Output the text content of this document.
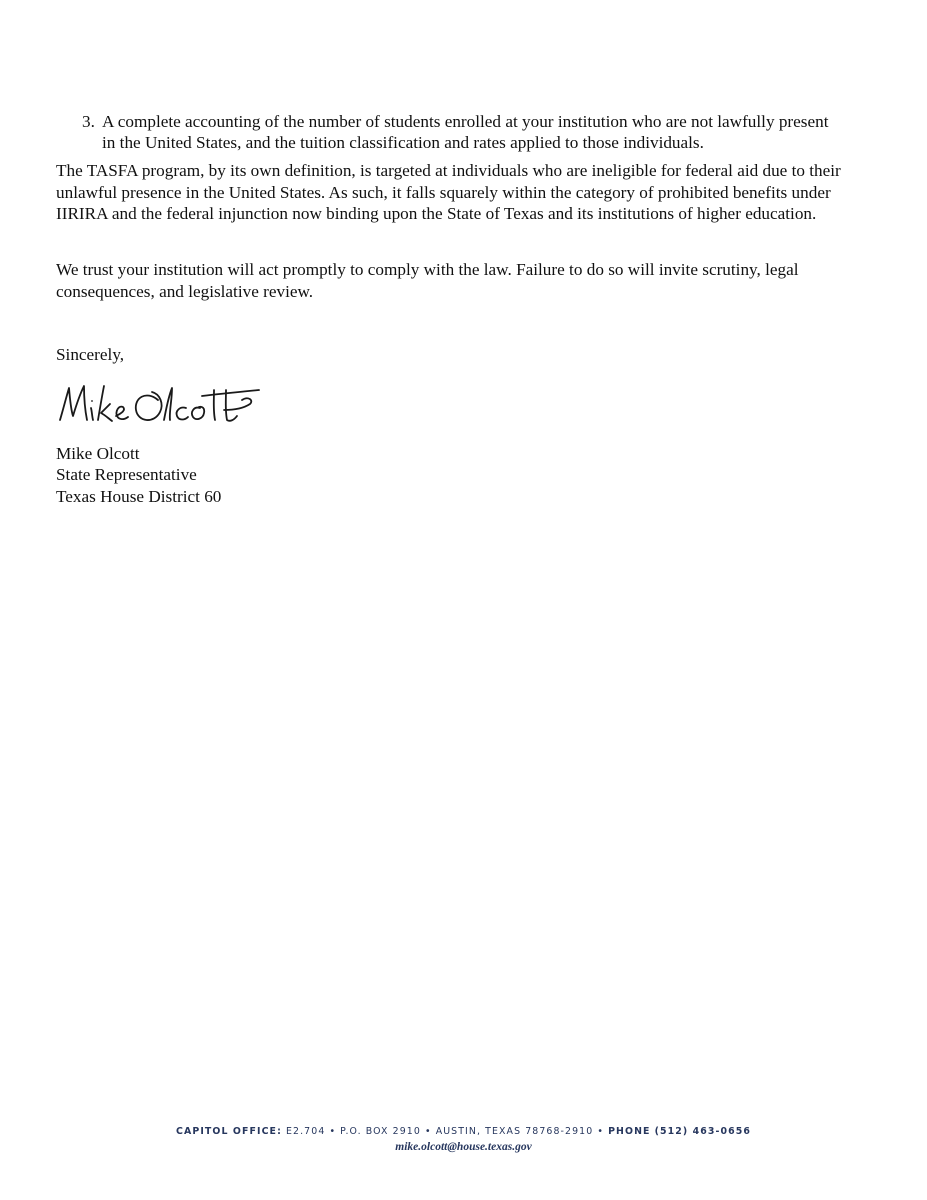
3. A complete accounting of the number of students enrolled at your institution who are not lawfully present in the United States, and the tuition classification and rates applied to those individuals.

The TASFA program, by its own definition, is targeted at individuals who are ineligible for federal aid due to their unlawful presence in the United States. As such, it falls squarely within the category of prohibited benefits under IIRIRA and the federal injunction now binding upon the State of Texas and its institutions of higher education.

We trust your institution will act promptly to comply with the law. Failure to do so will invite scrutiny, legal consequences, and legislative review.

Sincerely,
Mike Olcott
State Representative
Texas House District 60
CAPITOL OFFICE: E2.704 • P.O. BOX 2910 • AUSTIN, TEXAS 78768-2910 • PHONE (512) 463-0656
mike.olcott@house.texas.gov
